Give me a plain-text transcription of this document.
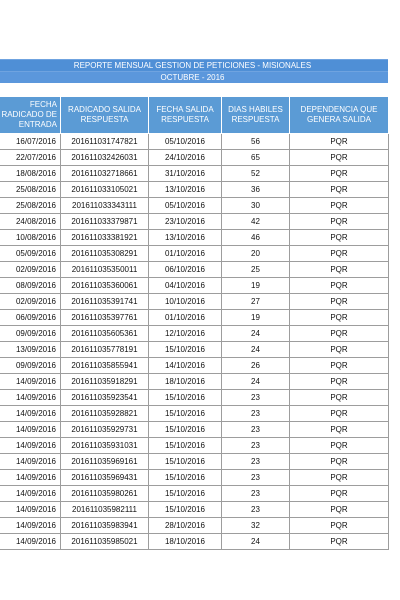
REPORTE MENSUAL GESTION DE PETICIONES - MISIONALES
OCTUBRE - 2016
FECHA RADICADO DE ENTRADA	RADICADO SALIDA RESPUESTA	FECHA SALIDA RESPUESTA	DIAS HABILES RESPUESTA	DEPENDENCIA QUE GENERA SALIDA
16/07/2016	201611031747821	05/10/2016	56	PQR
22/07/2016	201611032426031	24/10/2016	65	PQR
18/08/2016	201611032718661	31/10/2016	52	PQR
25/08/2016	201611033105021	13/10/2016	36	PQR
25/08/2016	201611033343111	05/10/2016	30	PQR
24/08/2016	201611033379871	23/10/2016	42	PQR
10/08/2016	201611033381921	13/10/2016	46	PQR
05/09/2016	201611035308291	01/10/2016	20	PQR
02/09/2016	201611035350011	06/10/2016	25	PQR
08/09/2016	201611035360061	04/10/2016	19	PQR
02/09/2016	201611035391741	10/10/2016	27	PQR
06/09/2016	201611035397761	01/10/2016	19	PQR
09/09/2016	201611035605361	12/10/2016	24	PQR
13/09/2016	201611035778191	15/10/2016	24	PQR
09/09/2016	201611035855941	14/10/2016	26	PQR
14/09/2016	201611035918291	18/10/2016	24	PQR
14/09/2016	201611035923541	15/10/2016	23	PQR
14/09/2016	201611035928821	15/10/2016	23	PQR
14/09/2016	201611035929731	15/10/2016	23	PQR
14/09/2016	201611035931031	15/10/2016	23	PQR
14/09/2016	201611035969161	15/10/2016	23	PQR
14/09/2016	201611035969431	15/10/2016	23	PQR
14/09/2016	201611035980261	15/10/2016	23	PQR
14/09/2016	201611035982111	15/10/2016	23	PQR
14/09/2016	201611035983941	28/10/2016	32	PQR
14/09/2016	201611035985021	18/10/2016	24	PQR
